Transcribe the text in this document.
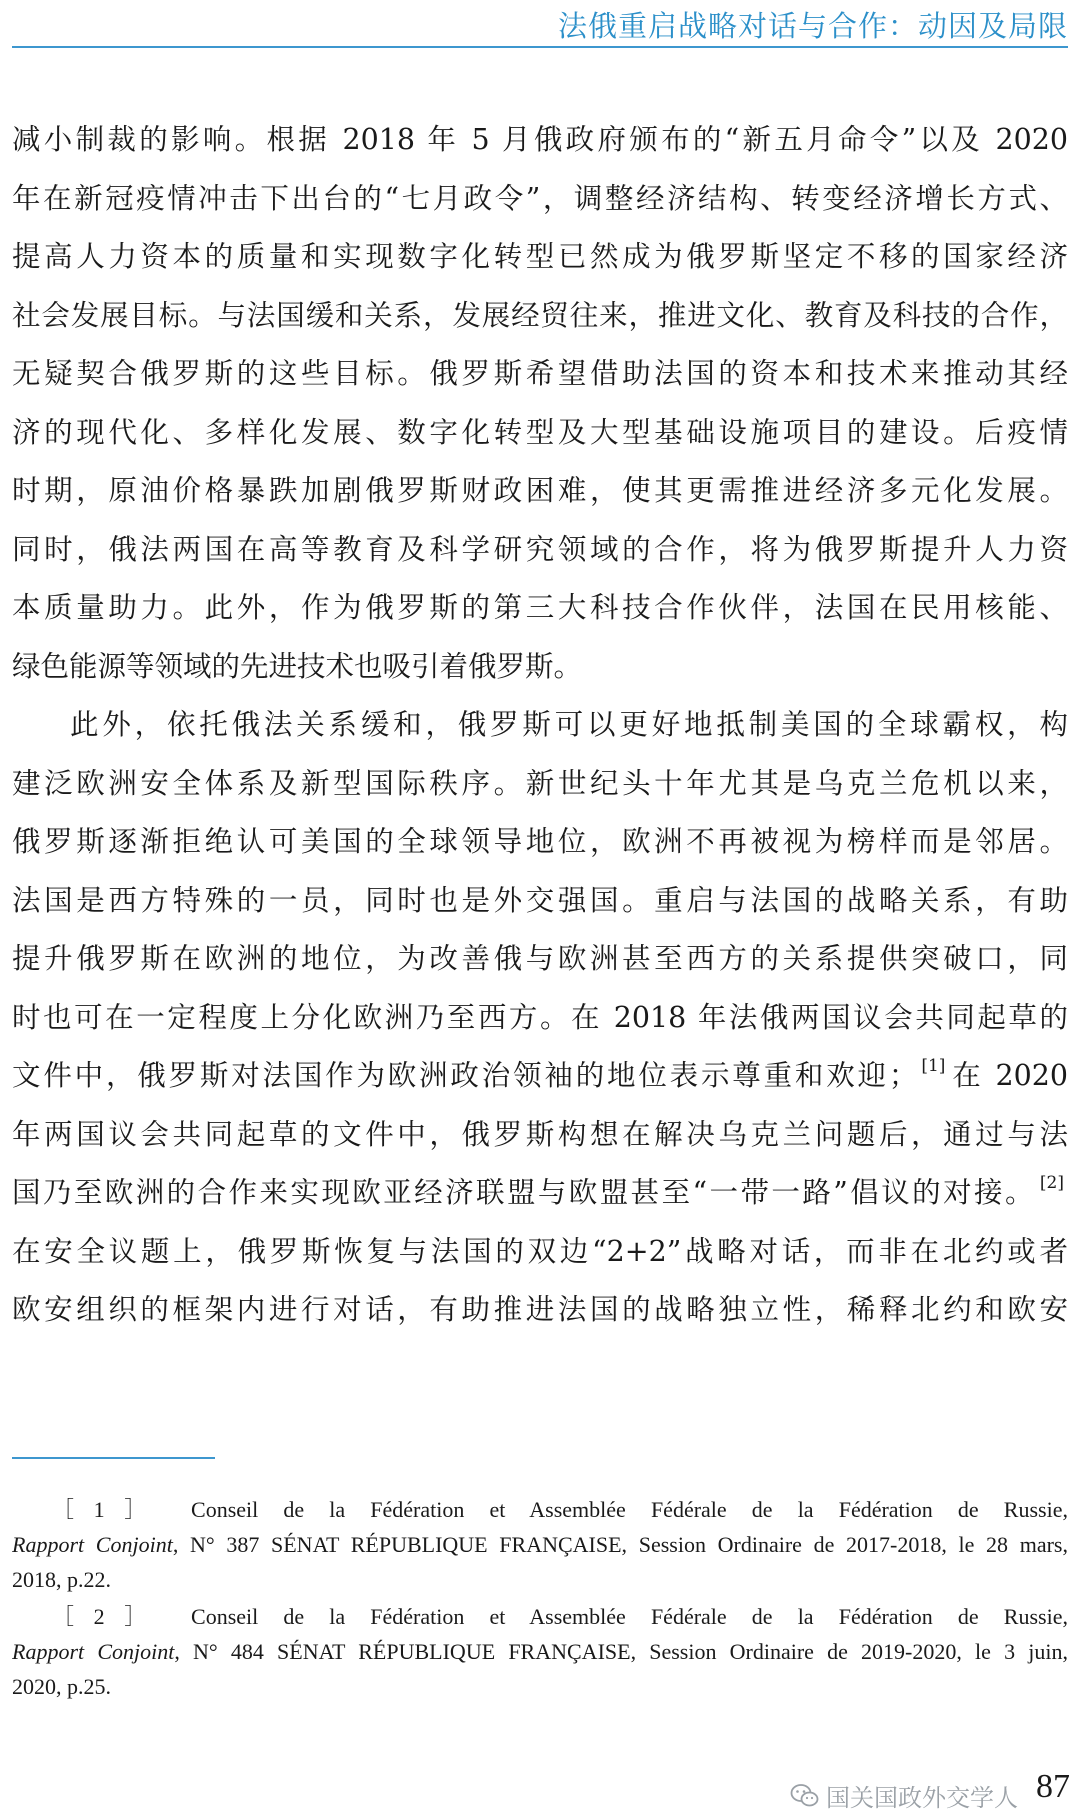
法俄重启战略对话与合作：动因及局限
减小制裁的影响。根据 2018 年 5 月俄政府颁布的“新五月命令”以及 2020
年在新冠疫情冲击下出台的“七月政令”，调整经济结构、转变经济增长方式、
提高人力资本的质量和实现数字化转型已然成为俄罗斯坚定不移的国家经济
社会发展目标。与法国缓和关系，发展经贸往来，推进文化、教育及科技的合作，
无疑契合俄罗斯的这些目标。俄罗斯希望借助法国的资本和技术来推动其经
济的现代化、多样化发展、数字化转型及大型基础设施项目的建设。后疫情
时期，原油价格暴跌加剧俄罗斯财政困难，使其更需推进经济多元化发展。
同时，俄法两国在高等教育及科学研究领域的合作，将为俄罗斯提升人力资
本质量助力。此外，作为俄罗斯的第三大科技合作伙伴，法国在民用核能、
绿色能源等领域的先进技术也吸引着俄罗斯。
此外，依托俄法关系缓和，俄罗斯可以更好地抵制美国的全球霸权，构
建泛欧洲安全体系及新型国际秩序。新世纪头十年尤其是乌克兰危机以来，
俄罗斯逐渐拒绝认可美国的全球领导地位，欧洲不再被视为榜样而是邻居。
法国是西方特殊的一员，同时也是外交强国。重启与法国的战略关系，有助
提升俄罗斯在欧洲的地位，为改善俄与欧洲甚至西方的关系提供突破口，同
时也可在一定程度上分化欧洲乃至西方。在 2018 年法俄两国议会共同起草的
文件中，俄罗斯对法国作为欧洲政治领袖的地位表示尊重和欢迎； [1] 在 2020
年两国议会共同起草的文件中，俄罗斯构想在解决乌克兰问题后，通过与法
国乃至欧洲的合作来实现欧亚经济联盟与欧盟甚至“一带一路”倡议的对接。 [2]
在安全议题上，俄罗斯恢复与法国的双边“2+2”战略对话，而非在北约或者
欧安组织的框架内进行对话，有助推进法国的战略独立性，稀释北约和欧安
［1］ Conseil de la Fédération et Assemblée Fédérale de la Fédération de Russie,
Rapport Conjoint, N° 387 SÉNAT RÉPUBLIQUE FRANÇAISE, Session Ordinaire de 2017-2018, le 28 mars,
2018, p.22.
［2］ Conseil de la Fédération et Assemblée Fédérale de la Fédération de Russie,
Rapport Conjoint, N° 484 SÉNAT RÉPUBLIQUE FRANÇAISE, Session Ordinaire de 2019-2020, le 3 juin,
2020, p.25.
国关国政外交学人 87
